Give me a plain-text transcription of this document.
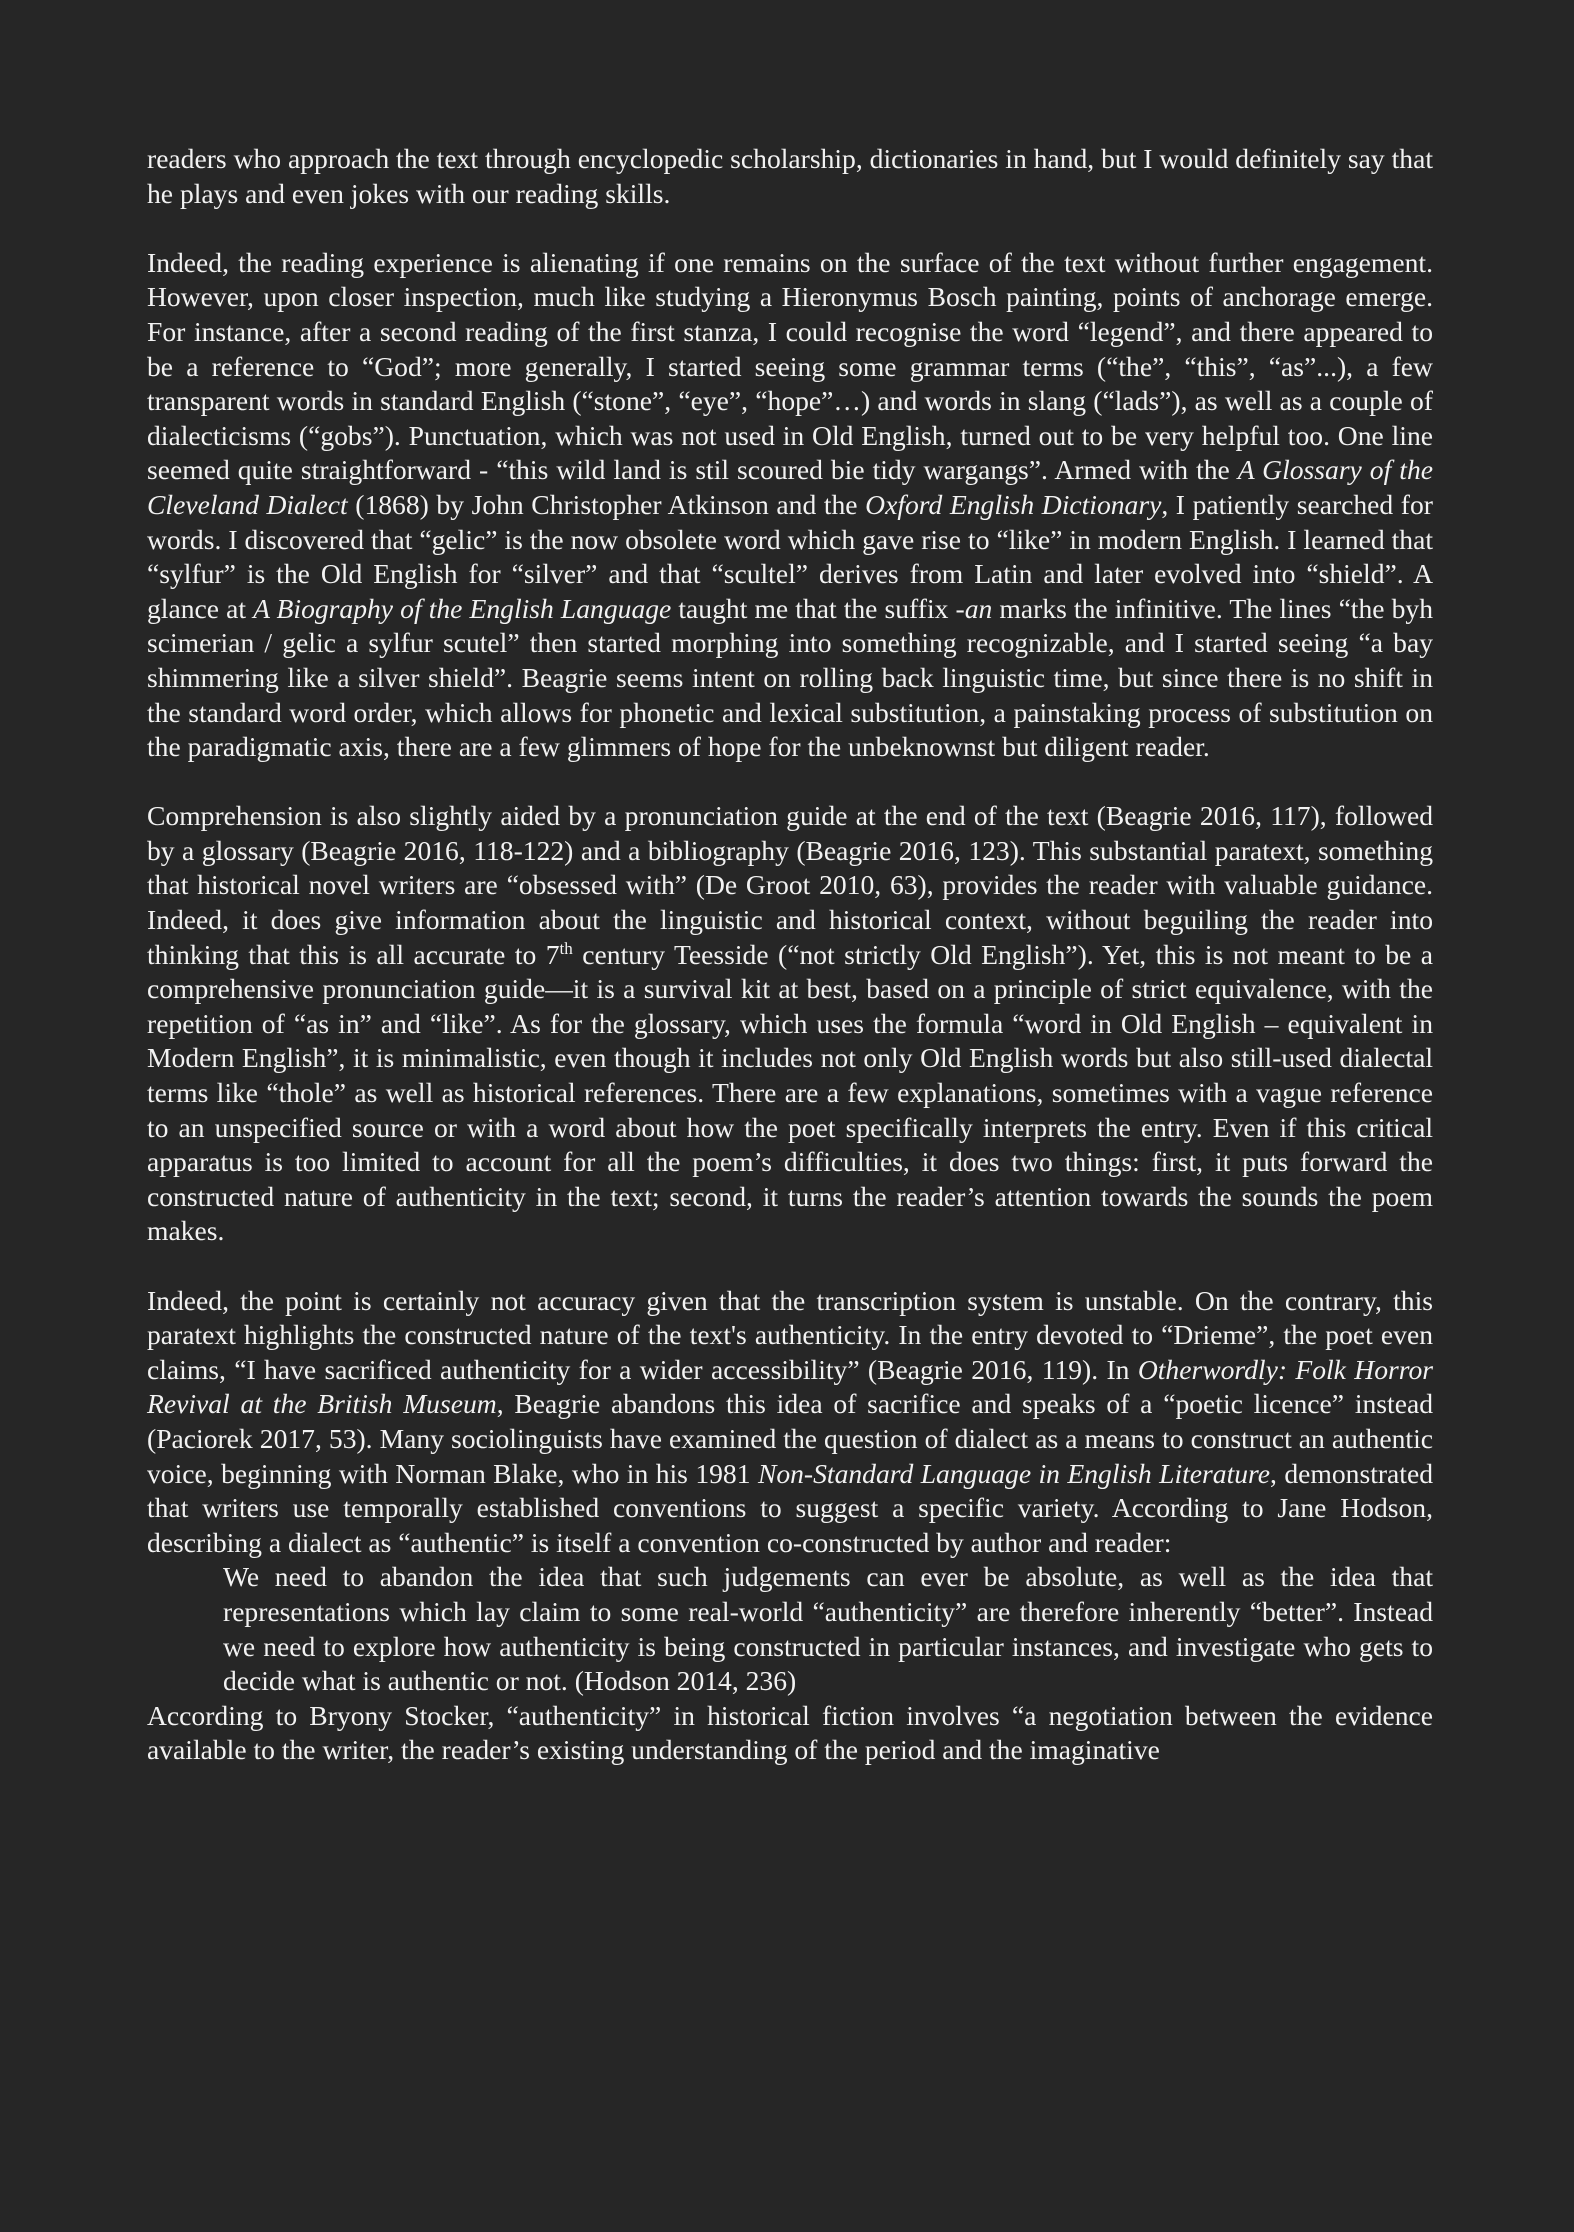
readers who approach the text through encyclopedic scholarship, dictionaries in hand, but I would definitely say that he plays and even jokes with our reading skills.

Indeed, the reading experience is alienating if one remains on the surface of the text without further engagement. However, upon closer inspection, much like studying a Hieronymus Bosch painting, points of anchorage emerge. For instance, after a second reading of the first stanza, I could recognise the word “legend”, and there appeared to be a reference to “God”; more generally, I started seeing some grammar terms (“the”, “this”, “as”...), a few transparent words in standard English (“stone”, “eye”, “hope”…) and words in slang (“lads”), as well as a couple of dialecticisms (“gobs”). Punctuation, which was not used in Old English, turned out to be very helpful too. One line seemed quite straightforward - “this wild land is stil scoured bie tidy wargangs”. Armed with the A Glossary of the Cleveland Dialect (1868) by John Christopher Atkinson and the Oxford English Dictionary, I patiently searched for words. I discovered that “gelic” is the now obsolete word which gave rise to “like” in modern English. I learned that “sylfur” is the Old English for “silver” and that “scultel” derives from Latin and later evolved into “shield”. A glance at A Biography of the English Language taught me that the suffix -an marks the infinitive. The lines “the byh scimerian / gelic a sylfur scutel” then started morphing into something recognizable, and I started seeing “a bay shimmering like a silver shield”. Beagrie seems intent on rolling back linguistic time, but since there is no shift in the standard word order, which allows for phonetic and lexical substitution, a painstaking process of substitution on the paradigmatic axis, there are a few glimmers of hope for the unbeknownst but diligent reader.

Comprehension is also slightly aided by a pronunciation guide at the end of the text (Beagrie 2016, 117), followed by a glossary (Beagrie 2016, 118-122) and a bibliography (Beagrie 2016, 123). This substantial paratext, something that historical novel writers are “obsessed with” (De Groot 2010, 63), provides the reader with valuable guidance. Indeed, it does give information about the linguistic and historical context, without beguiling the reader into thinking that this is all accurate to 7th century Teesside (“not strictly Old English”). Yet, this is not meant to be a comprehensive pronunciation guide—it is a survival kit at best, based on a principle of strict equivalence, with the repetition of “as in” and “like”. As for the glossary, which uses the formula “word in Old English – equivalent in Modern English”, it is minimalistic, even though it includes not only Old English words but also still-used dialectal terms like “thole” as well as historical references. There are a few explanations, sometimes with a vague reference to an unspecified source or with a word about how the poet specifically interprets the entry. Even if this critical apparatus is too limited to account for all the poem’s difficulties, it does two things: first, it puts forward the constructed nature of authenticity in the text; second, it turns the reader’s attention towards the sounds the poem makes.

Indeed, the point is certainly not accuracy given that the transcription system is unstable. On the contrary, this paratext highlights the constructed nature of the text's authenticity. In the entry devoted to “Drieme”, the poet even claims, “I have sacrificed authenticity for a wider accessibility” (Beagrie 2016, 119). In Otherwordly: Folk Horror Revival at the British Museum, Beagrie abandons this idea of sacrifice and speaks of a “poetic licence” instead (Paciorek 2017, 53). Many sociolinguists have examined the question of dialect as a means to construct an authentic voice, beginning with Norman Blake, who in his 1981 Non-Standard Language in English Literature, demonstrated that writers use temporally established conventions to suggest a specific variety. According to Jane Hodson, describing a dialect as “authentic” is itself a convention co-constructed by author and reader:

We need to abandon the idea that such judgements can ever be absolute, as well as the idea that representations which lay claim to some real-world “authenticity” are therefore inherently “better”. Instead we need to explore how authenticity is being constructed in particular instances, and investigate who gets to decide what is authentic or not. (Hodson 2014, 236)

According to Bryony Stocker, “authenticity” in historical fiction involves “a negotiation between the evidence available to the writer, the reader’s existing understanding of the period and the imaginative
